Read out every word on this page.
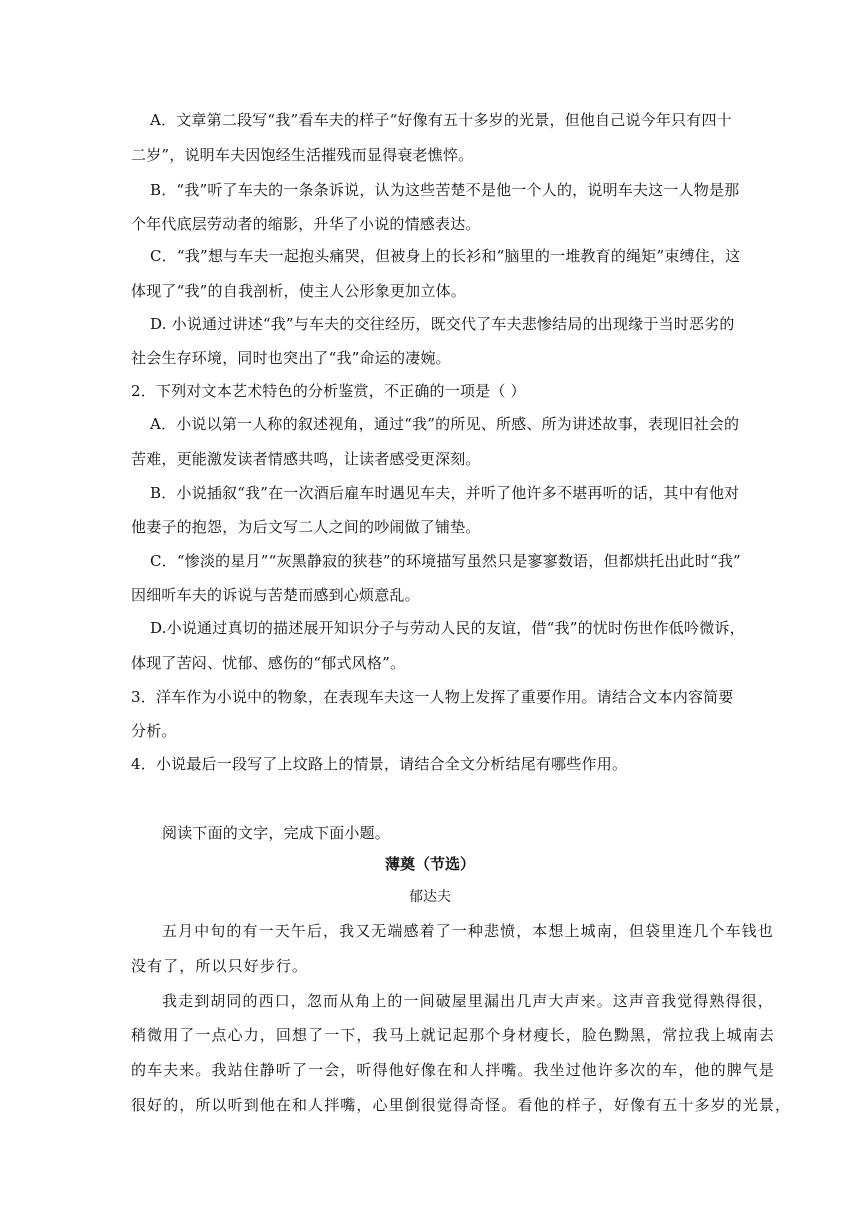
A．文章第二段写“我”看车夫的样子“好像有五十多岁的光景，但他自己说今年只有四十
二岁”，说明车夫因饱经生活摧残而显得衰老憔悴。
B．“我”听了车夫的一条条诉说，认为这些苦楚不是他一个人的，说明车夫这一人物是那
个年代底层劳动者的缩影，升华了小说的情感表达。
C．“我”想与车夫一起抱头痛哭，但被身上的长衫和“脑里的一堆教育的绳矩”束缚住，这
体现了“我”的自我剖析，使主人公形象更加立体。
D. 小说通过讲述“我”与车夫的交往经历，既交代了车夫悲惨结局的出现缘于当时恶劣的
社会生存环境，同时也突出了“我”命运的凄婉。
2．下列对文本艺术特色的分析鉴赏，不正确的一项是（ ）
A．小说以第一人称的叙述视角，通过“我”的所见、所感、所为讲述故事，表现旧社会的
苦难，更能激发读者情感共鸣，让读者感受更深刻。
B．小说插叙“我”在一次酒后雇车时遇见车夫，并听了他许多不堪再听的话，其中有他对
他妻子的抱怨，为后文写二人之间的吵闹做了铺垫。
C．“惨淡的星月”“灰黑静寂的狭巷”的环境描写虽然只是寥寥数语，但都烘托出此时“我”
因细听车夫的诉说与苦楚而感到心烦意乱。
D.小说通过真切的描述展开知识分子与劳动人民的友谊，借“我”的忧时伤世作低吟微诉，
体现了苦闷、忧郁、感伤的“郁式风格”。
3．洋车作为小说中的物象，在表现车夫这一人物上发挥了重要作用。请结合文本内容简要
分析。
4．小说最后一段写了上坟路上的情景，请结合全文分析结尾有哪些作用。
阅读下面的文字，完成下面小题。
薄奠（节选）
郁达夫
五月中旬的有一天午后，我又无端感着了一种悲愤，本想上城南，但袋里连几个车钱也
没有了，所以只好步行。
我走到胡同的西口，忽而从角上的一间破屋里漏出几声大声来。这声音我觉得熟得很，
稍微用了一点心力，回想了一下，我马上就记起那个身材瘦长，脸色黝黑，常拉我上城南去
的车夫来。我站住静听了一会，听得他好像在和人拌嘴。我坐过他许多次的车，他的脾气是
很好的，所以听到他在和人拌嘴，心里倒很觉得奇怪。看他的样子，好像有五十多岁的光景，
